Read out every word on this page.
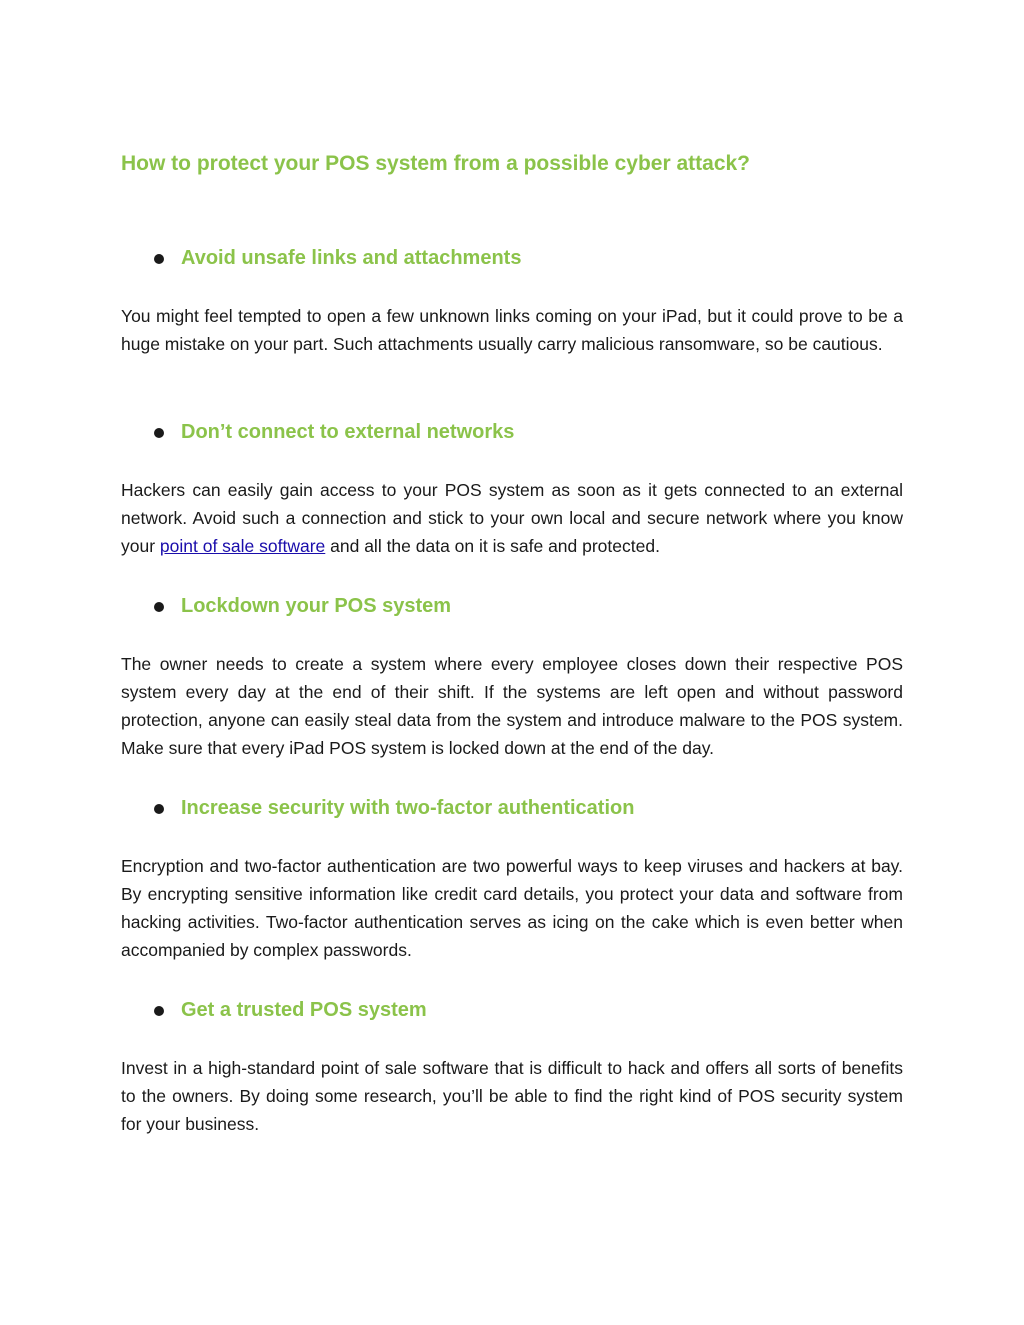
How to protect your POS system from a possible cyber attack?
Avoid unsafe links and attachments

You might feel tempted to open a few unknown links coming on your iPad, but it could prove to be a huge mistake on your part. Such attachments usually carry malicious ransomware, so be cautious.

Don’t connect to external networks

Hackers can easily gain access to your POS system as soon as it gets connected to an external network. Avoid such a connection and stick to your own local and secure network where you know your point of sale software and all the data on it is safe and protected.

Lockdown your POS system

The owner needs to create a system where every employee closes down their respective POS system every day at the end of their shift. If the systems are left open and without password protection, anyone can easily steal data from the system and introduce malware to the POS system. Make sure that every iPad POS system is locked down at the end of the day.

Increase security with two-factor authentication

Encryption and two-factor authentication are two powerful ways to keep viruses and hackers at bay. By encrypting sensitive information like credit card details, you protect your data and software from hacking activities. Two-factor authentication serves as icing on the cake which is even better when accompanied by complex passwords.

Get a trusted POS system

Invest in a high-standard point of sale software that is difficult to hack and offers all sorts of benefits to the owners. By doing some research, you’ll be able to find the right kind of POS security system for your business.
